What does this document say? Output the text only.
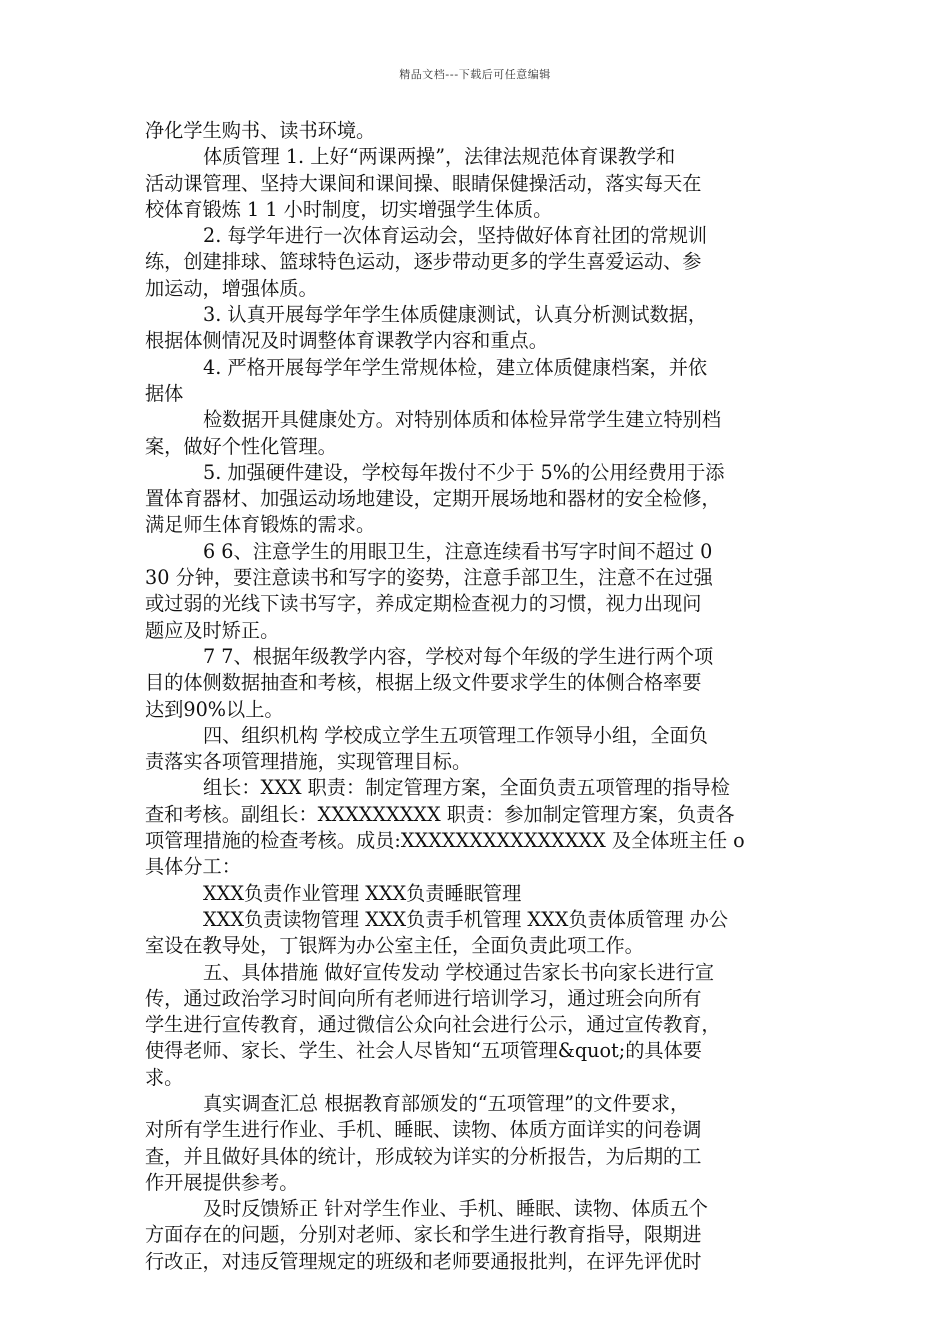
精品文档---下载后可任意编辑
净化学生购书、读书环境。
体质管理 1. 上好“两课两操”，法律法规范体育课教学和
活动课管理、坚持大课间和课间操、眼睛保健操活动，落实每天在
校体育锻炼 1 1 小时制度，切实增强学生体质。
2. 每学年进行一次体育运动会，坚持做好体育社团的常规训
练，创建排球、篮球特色运动，逐步带动更多的学生喜爱运动、参
加运动，增强体质。
3. 认真开展每学年学生体质健康测试，认真分析测试数据，
根据体侧情况及时调整体育课教学内容和重点。
4. 严格开展每学年学生常规体检，建立体质健康档案，并依
据体
检数据开具健康处方。对特别体质和体检异常学生建立特别档
案，做好个性化管理。
5. 加强硬件建设，学校每年拨付不少于 5%的公用经费用于添
置体育器材、加强运动场地建设，定期开展场地和器材的安全检修，
满足师生体育锻炼的需求。
6 6、注意学生的用眼卫生，注意连续看书写字时间不超过 0
30 分钟，要注意读书和写字的姿势，注意手部卫生，注意不在过强
或过弱的光线下读书写字，养成定期检查视力的习惯，视力出现问
题应及时矫正。
7 7、根据年级教学内容，学校对每个年级的学生进行两个项
目的体侧数据抽查和考核，根据上级文件要求学生的体侧合格率要
达到90%以上。
四、组织机构 学校成立学生五项管理工作领导小组，全面负
责落实各项管理措施，实现管理目标。
组长：XXX 职责：制定管理方案，全面负责五项管理的指导检
查和考核。副组长：XXXXXXXXX 职责：参加制定管理方案，负责各
项管理措施的检查考核。成员:XXXXXXXXXXXXXXX 及全体班主任 o
具体分工：
XXX负责作业管理 XXX负责睡眠管理
XXX负责读物管理 XXX负责手机管理 XXX负责体质管理 办公
室设在教导处，丁银辉为办公室主任，全面负责此项工作。
五、具体措施 做好宣传发动 学校通过告家长书向家长进行宣
传，通过政治学习时间向所有老师进行培训学习，通过班会向所有
学生进行宣传教育，通过微信公众向社会进行公示，通过宣传教育，
使得老师、家长、学生、社会人尽皆知“五项管理&quot;的具体要
求。
真实调查汇总 根据教育部颁发的“五项管理”的文件要求，
对所有学生进行作业、手机、睡眠、读物、体质方面详实的问卷调
查，并且做好具体的统计，形成较为详实的分析报告，为后期的工
作开展提供参考。
及时反馈矫正 针对学生作业、手机、睡眠、读物、体质五个
方面存在的问题，分别对老师、家长和学生进行教育指导，限期进
行改正，对违反管理规定的班级和老师要通报批判，在评先评优时
